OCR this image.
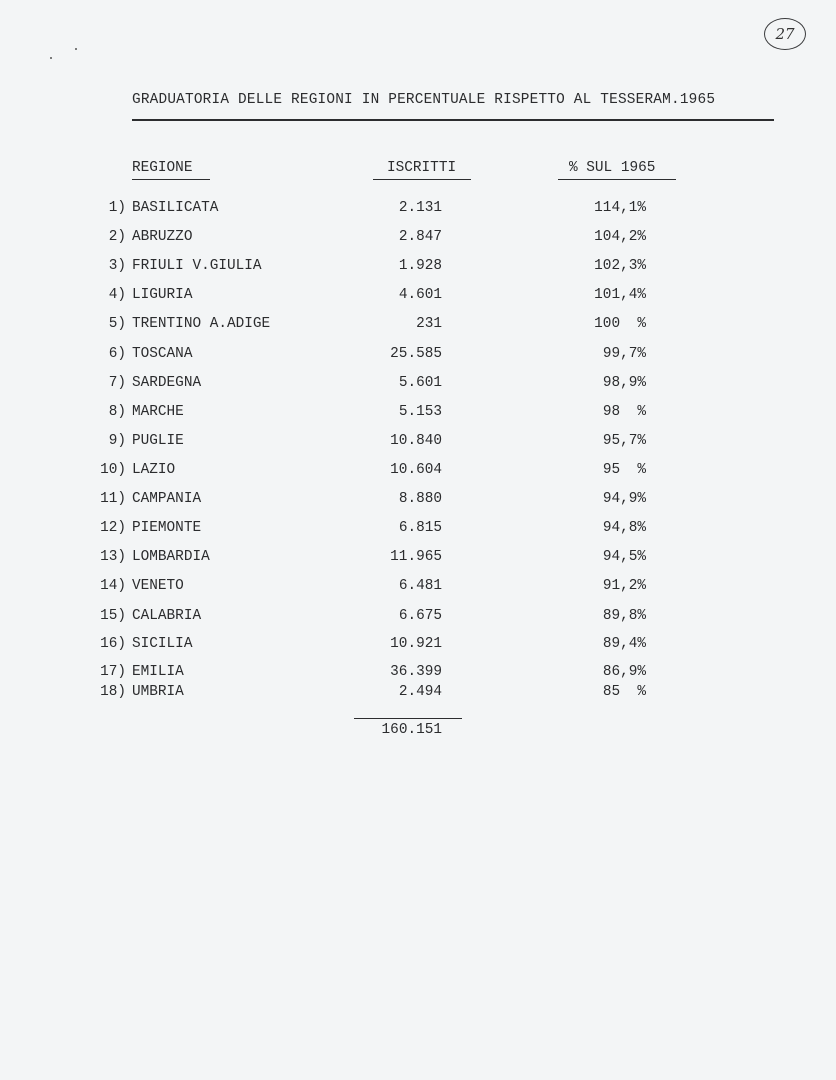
27
GRADUATORIA DELLE REGIONI IN PERCENTUALE RISPETTO AL TESSERAM.1965
REGIONE	ISCRITTI	% SUL 1965
1) BASILICATA	2.131	114,1%
2) ABRUZZO	2.847	104,2%
3) FRIULI V.GIULIA	1.928	102,3%
4) LIGURIA	4.601	101,4%
5) TRENTINO A.ADIGE	231	100  %
6) TOSCANA	25.585	99,7%
7) SARDEGNA	5.601	98,9%
8) MARCHE	5.153	98  %
9) PUGLIE	10.840	95,7%
10) LAZIO	10.604	95  %
11) CAMPANIA	8.880	94,9%
12) PIEMONTE	6.815	94,8%
13) LOMBARDIA	11.965	94,5%
14) VENETO	6.481	91,2%
15) CALABRIA	6.675	89,8%
16) SICILIA	10.921	89,4%
17) EMILIA	36.399	86,9%
18) UMBRIA	2.494	85  %
160.151
